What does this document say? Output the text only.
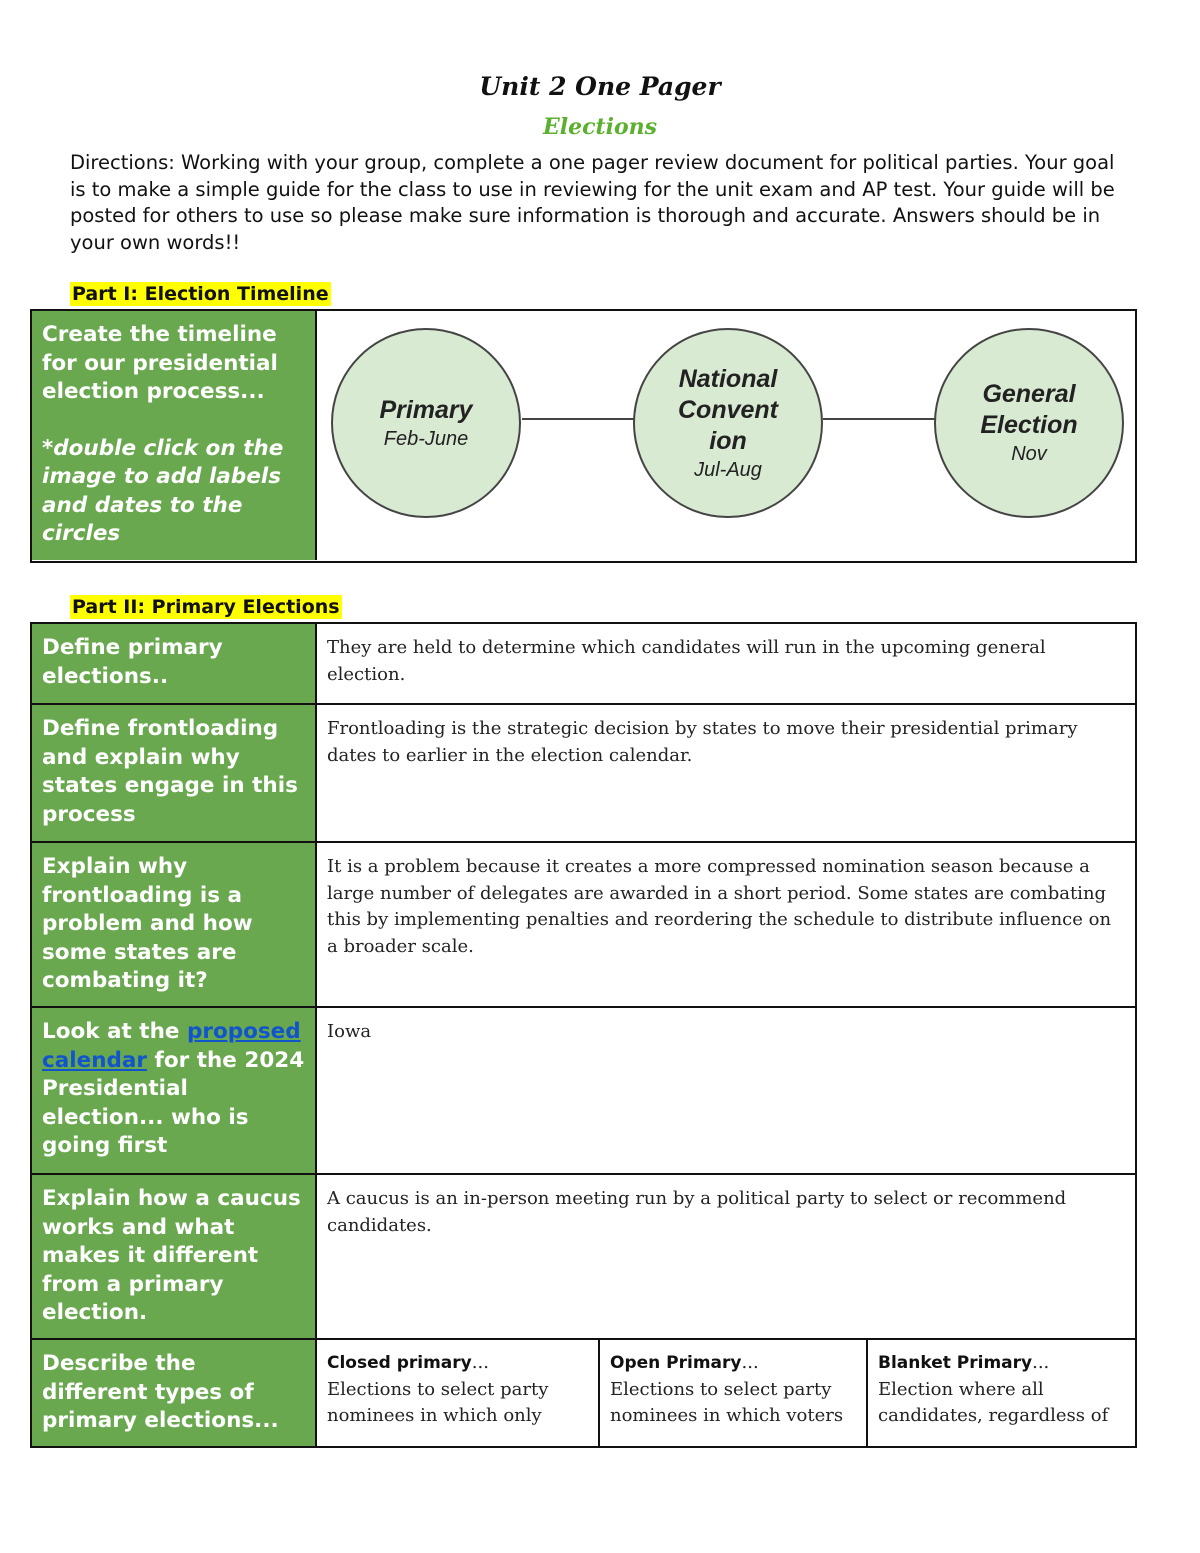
Unit 2 One Pager
Elections
Directions: Working with your group, complete a one pager review document for political parties. Your goal is to make a simple guide for the class to use in reviewing for the unit exam and AP test. Your guide will be posted for others to use so please make sure information is thorough and accurate. Answers should be in your own words!!
Part I: Election Timeline
Create the timeline for our presidential election process...
*double click on the image to add labels and dates to the circles
Primary
Feb-June
National
Convent
ion
Jul-Aug
General
Election
Nov
Part II: Primary Elections
Define primary elections..
They are held to determine which candidates will run in the upcoming general election.
Define frontloading and explain why states engage in this process
Frontloading is the strategic decision by states to move their presidential primary dates to earlier in the election calendar.
Explain why frontloading is a problem and how some states are combating it?
It is a problem because it creates a more compressed nomination season because a large number of delegates are awarded in a short period. Some states are combating this by implementing penalties and reordering the schedule to distribute influence on a broader scale.
Look at the proposed calendar for the 2024 Presidential election... who is going first
Iowa
Explain how a caucus works and what makes it different from a primary election.
A caucus is an in-person meeting run by a political party to select or recommend candidates.
Describe the different types of primary elections...
Closed primary...
Elections to select party nominees in which only
Open Primary...
Elections to select party nominees in which voters
Blanket Primary...
Election where all candidates, regardless of
